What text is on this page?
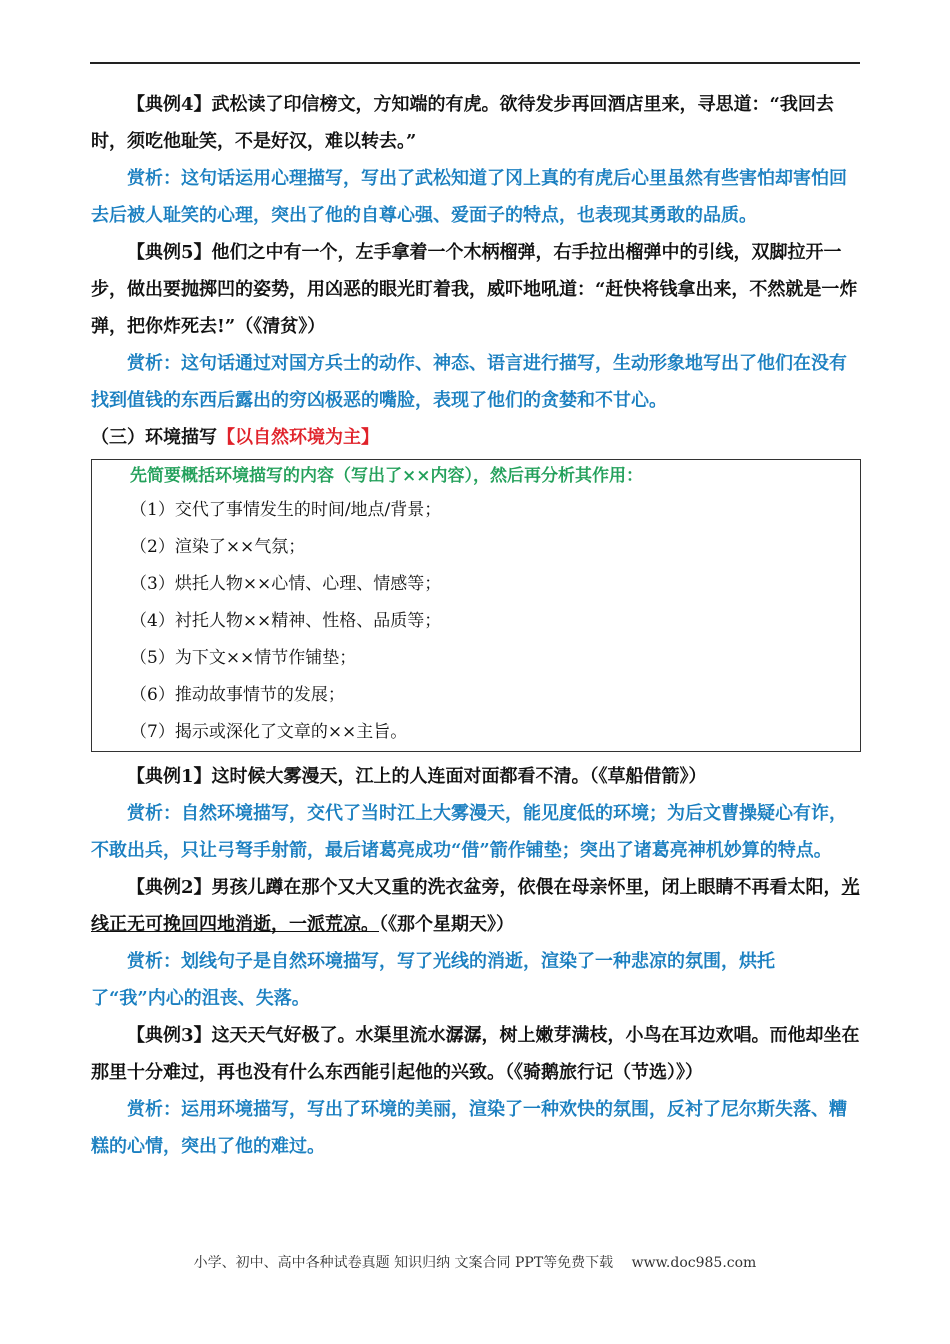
【典例4】武松读了印信榜文，方知端的有虎。欲待发步再回酒店里来，寻思道：“我回去时，须吃他耻笑，不是好汉，难以转去。”

赏析：这句话运用心理描写，写出了武松知道了冈上真的有虎后心里虽然有些害怕却害怕回去后被人耻笑的心理，突出了他的自尊心强、爱面子的特点，也表现其勇敢的品质。

【典例5】他们之中有一个，左手拿着一个木柄榴弹，右手拉出榴弹中的引线，双脚拉开一步，做出要抛掷凹的姿势，用凶恶的眼光盯着我，威吓地吼道：“赶快将钱拿出来，不然就是一炸弹，把你炸死去!”（《清贫》）

赏析：这句话通过对国方兵士的动作、神态、语言进行描写，生动形象地写出了他们在没有找到值钱的东西后露出的穷凶极恶的嘴脸，表现了他们的贪婪和不甘心。

（三）环境描写【以自然环境为主】

先简要概括环境描写的内容（写出了××内容），然后再分析其作用：

（1）交代了事情发生的时间/地点/背景；

（2）渲染了××气氛；

（3）烘托人物××心情、心理、情感等；

（4）衬托人物××精神、性格、品质等；

（5）为下文××情节作铺垫；

（6）推动故事情节的发展；

（7）揭示或深化了文章的××主旨。

【典例1】这时候大雾漫天，江上的人连面对面都看不清。（《草船借箭》）

赏析：自然环境描写，交代了当时江上大雾漫天，能见度低的环境；为后文曹操疑心有诈，不敢出兵，只让弓弩手射箭，最后诸葛亮成功“借”箭作铺垫；突出了诸葛亮神机妙算的特点。

【典例2】男孩儿蹲在那个又大又重的洗衣盆旁，依偎在母亲怀里，闭上眼睛不再看太阳，光线正无可挽回四地消逝，一派荒凉。（《那个星期天》）

赏析：划线句子是自然环境描写，写了光线的消逝，渲染了一种悲凉的氛围，烘托

了“我”内心的沮丧、失落。

【典例3】这天天气好极了。水渠里流水潺潺，树上嫩芽满枝，小鸟在耳边欢唱。而他却坐在那里十分难过，再也没有什么东西能引起他的兴致。（《骑鹅旅行记（节选）》）

赏析：运用环境描写，写出了环境的美丽，渲染了一种欢快的氛围，反衬了尼尔斯失落、糟糕的心情，突出了他的难过。

小学、初中、高中各种试卷真题 知识归纳 文案合同 PPT等免费下载　 www.doc985.com
